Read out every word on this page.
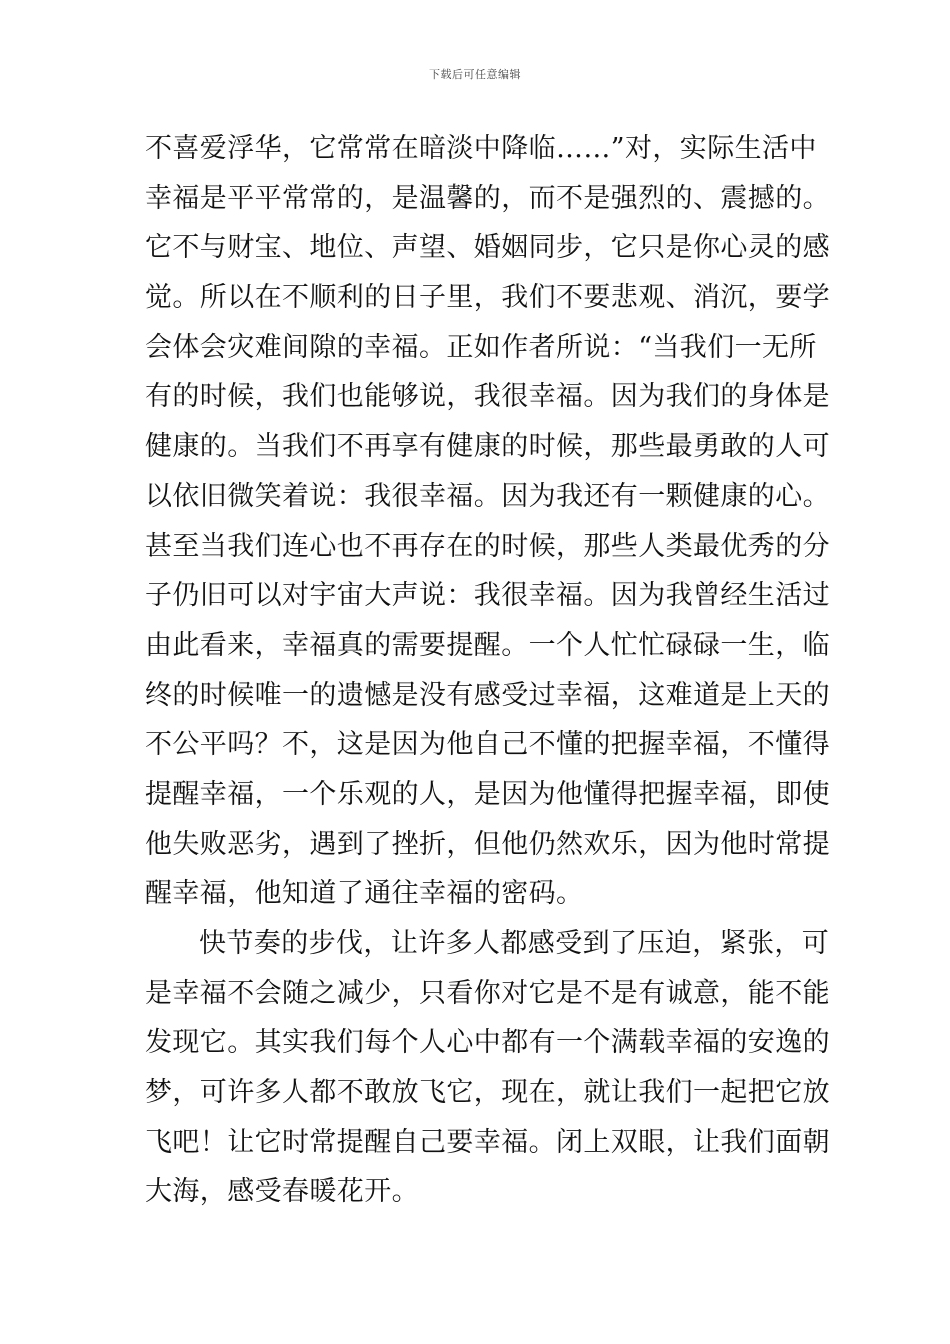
下载后可任意编辑
不喜爱浮华，它常常在暗淡中降临……”对，实际生活中
幸福是平平常常的，是温馨的，而不是强烈的、震撼的。
它不与财宝、地位、声望、婚姻同步，它只是你心灵的感
觉。所以在不顺利的日子里，我们不要悲观、消沉，要学
会体会灾难间隙的幸福。正如作者所说：“当我们一无所
有的时候，我们也能够说，我很幸福。因为我们的身体是
健康的。当我们不再享有健康的时候，那些最勇敢的人可
以依旧微笑着说：我很幸福。因为我还有一颗健康的心。
甚至当我们连心也不再存在的时候，那些人类最优秀的分
子仍旧可以对宇宙大声说：我很幸福。因为我曾经生活过
由此看来，幸福真的需要提醒。一个人忙忙碌碌一生，临
终的时候唯一的遗憾是没有感受过幸福，这难道是上天的
不公平吗？不，这是因为他自己不懂的把握幸福，不懂得
提醒幸福，一个乐观的人，是因为他懂得把握幸福，即使
他失败恶劣，遇到了挫折，但他仍然欢乐，因为他时常提
醒幸福，他知道了通往幸福的密码。
快节奏的步伐，让许多人都感受到了压迫，紧张，可
是幸福不会随之减少，只看你对它是不是有诚意，能不能
发现它。其实我们每个人心中都有一个满载幸福的安逸的
梦，可许多人都不敢放飞它，现在，就让我们一起把它放
飞吧！让它时常提醒自己要幸福。闭上双眼，让我们面朝
大海，感受春暖花开。
